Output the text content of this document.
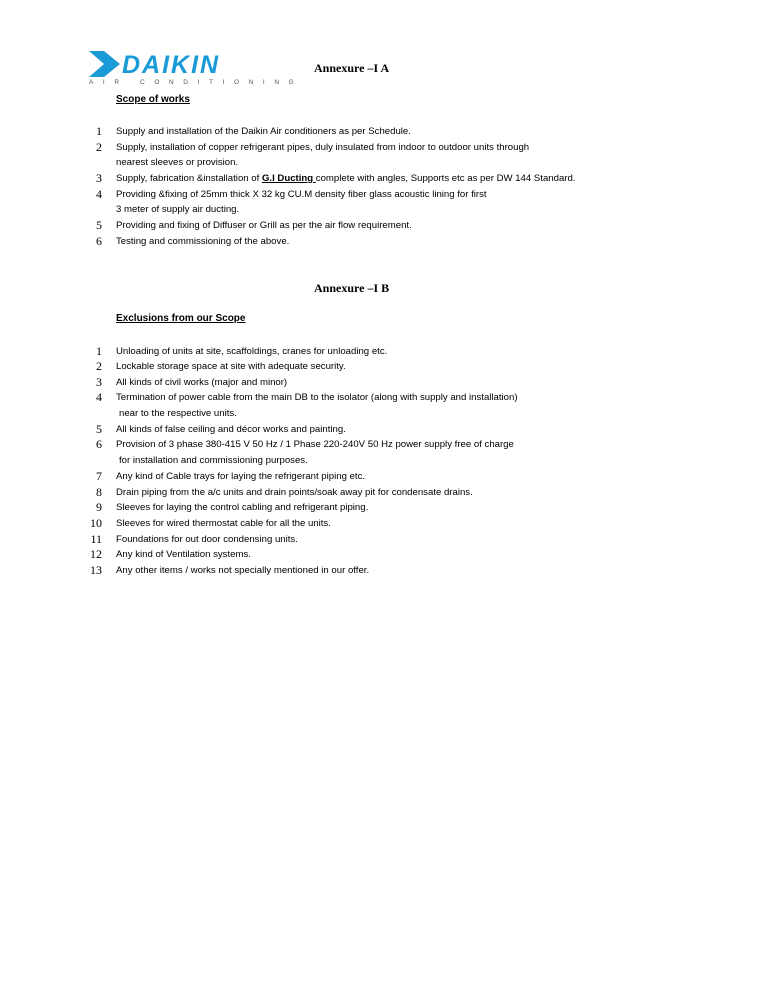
DAIKIN
AIR CONDITIONING
Annexure –I A
Scope of works
1 Supply and installation of the Daikin Air conditioners as per Schedule.
2 Supply, installation of copper refrigerant pipes, duly insulated from indoor to outdoor units through
nearest sleeves or provision.
3 Supply, fabrication &installation of G.I Ducting complete with angles, Supports etc as per DW 144 Standard.
4 Providing &fixing of 25mm thick X 32 kg CU.M density fiber glass acoustic lining for first
3 meter of supply air ducting.
5 Providing and fixing of Diffuser or Grill as per the air flow requirement.
6 Testing and commissioning of the above.
Annexure –I B
Exclusions from our Scope
1 Unloading of units at site, scaffoldings, cranes for unloading etc.
2 Lockable storage space at site with adequate security.
3 All kinds of civil works (major and minor)
4 Termination of power cable from the main DB to the isolator (along with supply and installation)
near to the respective units.
5 All kinds of false ceiling and décor works and painting.
6 Provision of 3 phase 380-415 V 50 Hz / 1 Phase 220-240V 50 Hz power supply free of charge
for installation and commissioning purposes.
7 Any kind of Cable trays for laying the refrigerant piping etc.
8 Drain piping from the a/c units and drain points/soak away pit for condensate drains.
9 Sleeves for laying the control cabling and refrigerant piping.
10 Sleeves for wired thermostat cable for all the units.
11 Foundations for out door condensing units.
12 Any kind of Ventilation systems.
13 Any other items / works not specially mentioned in our offer.
